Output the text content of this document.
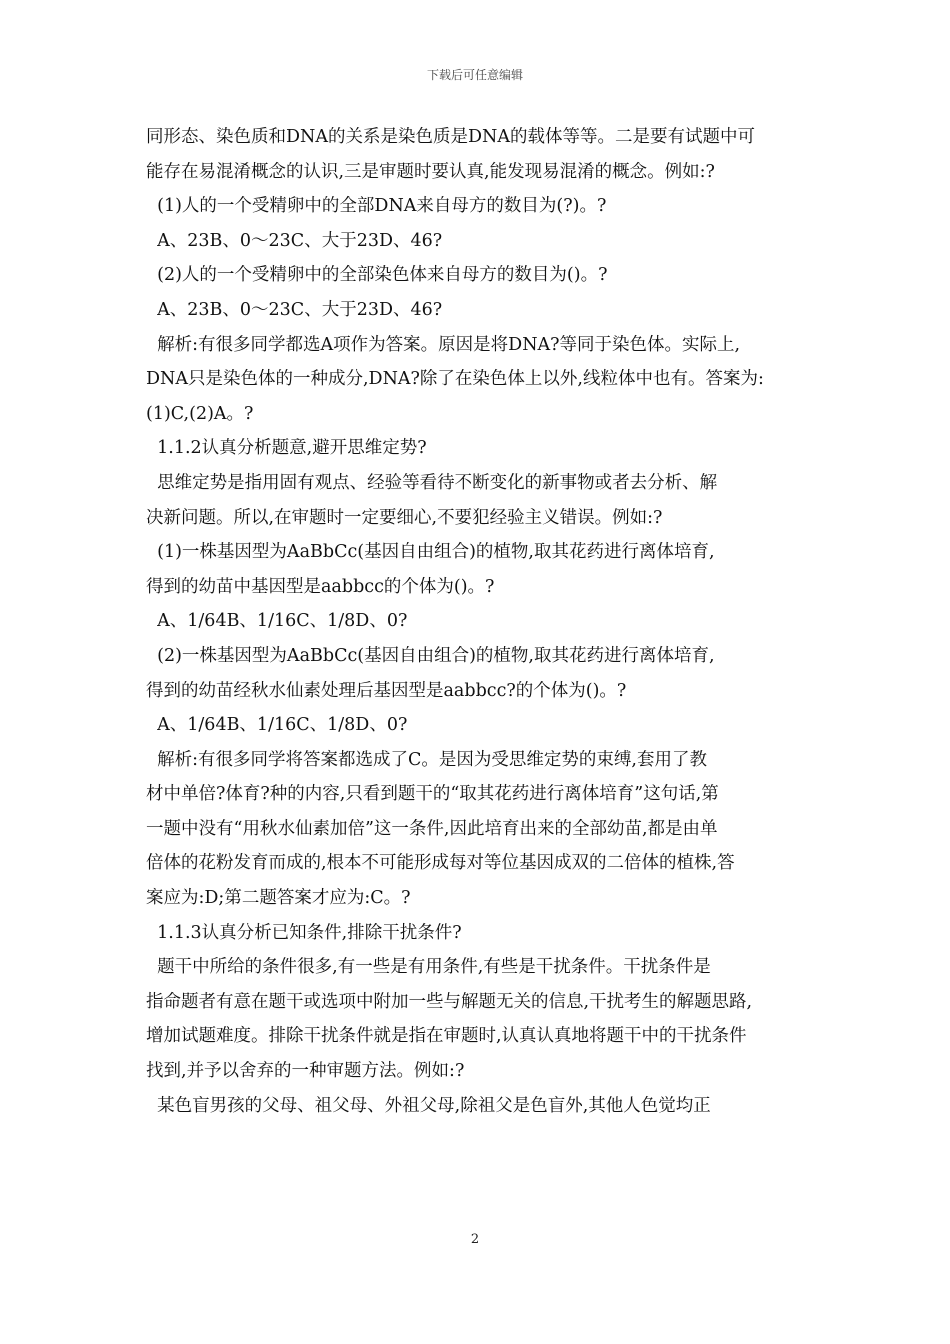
下载后可任意编辑

同形态、染色质和DNA的关系是染色质是DNA的载体等等。二是要有试题中可

能存在易混淆概念的认识,三是审题时要认真,能发现易混淆的概念。例如:?

(1)人的一个受精卵中的全部DNA来自母方的数目为(?)。?

A、23B、0～23C、大于23D、46?

(2)人的一个受精卵中的全部染色体来自母方的数目为()。?

A、23B、0～23C、大于23D、46?

解析:有很多同学都选A项作为答案。原因是将DNA?等同于染色体。实际上,

DNA只是染色体的一种成分,DNA?除了在染色体上以外,线粒体中也有。答案为:

(1)C,(2)A。?

1.1.2认真分析题意,避开思维定势?

思维定势是指用固有观点、经验等看待不断变化的新事物或者去分析、解

决新问题。所以,在审题时一定要细心,不要犯经验主义错误。例如:?

(1)一株基因型为AaBbCc(基因自由组合)的植物,取其花药进行离体培育,

得到的幼苗中基因型是aabbcc的个体为()。?

A、1/64B、1/16C、1/8D、0?

(2)一株基因型为AaBbCc(基因自由组合)的植物,取其花药进行离体培育,

得到的幼苗经秋水仙素处理后基因型是aabbcc?的个体为()。?

A、1/64B、1/16C、1/8D、0?

解析:有很多同学将答案都选成了C。是因为受思维定势的束缚,套用了教

材中单倍?体育?种的内容,只看到题干的“取其花药进行离体培育”这句话,第

一题中没有“用秋水仙素加倍”这一条件,因此培育出来的全部幼苗,都是由单

倍体的花粉发育而成的,根本不可能形成每对等位基因成双的二倍体的植株,答

案应为:D;第二题答案才应为:C。?

1.1.3认真分析已知条件,排除干扰条件?

题干中所给的条件很多,有一些是有用条件,有些是干扰条件。干扰条件是

指命题者有意在题干或选项中附加一些与解题无关的信息,干扰考生的解题思路,

增加试题难度。排除干扰条件就是指在审题时,认真认真地将题干中的干扰条件

找到,并予以舍弃的一种审题方法。例如:?

某色盲男孩的父母、祖父母、外祖父母,除祖父是色盲外,其他人色觉均正

2
